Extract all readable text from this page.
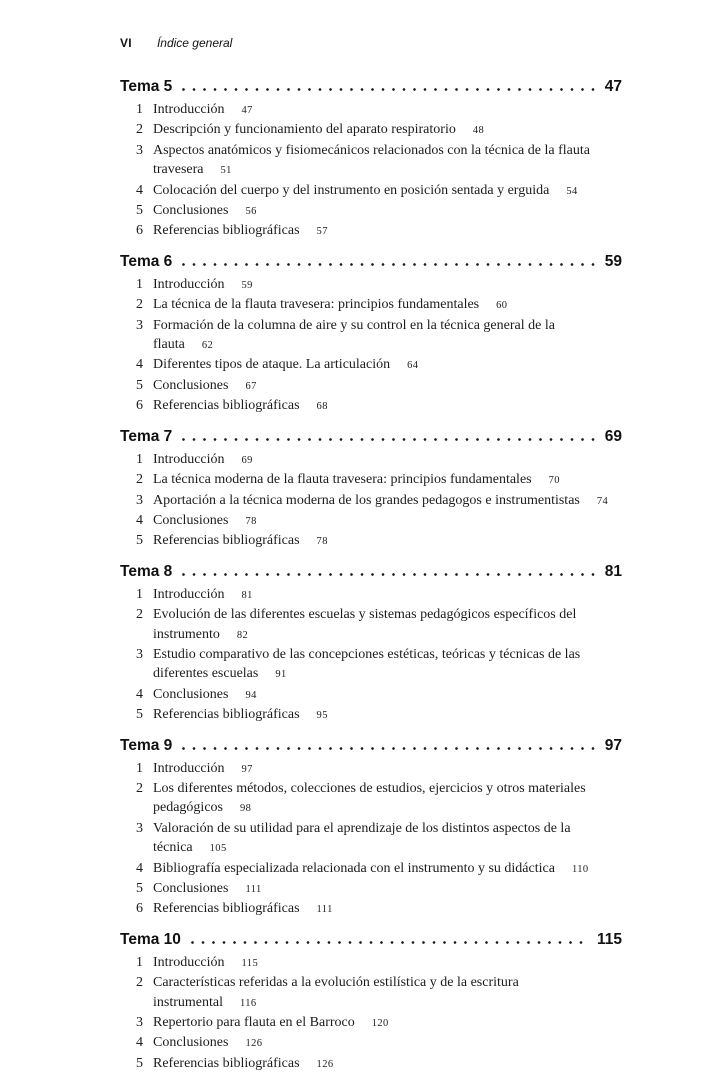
VI Índice general
Tema 5	47
1 Introducción 47
2 Descripción y funcionamiento del aparato respiratorio 48
3 Aspectos anatómicos y fisiomecánicos relacionados con la técnica de la flauta travesera 51
4 Colocación del cuerpo y del instrumento en posición sentada y erguida 54
5 Conclusiones 56
6 Referencias bibliográficas 57
Tema 6	59
1 Introducción 59
2 La técnica de la flauta travesera: principios fundamentales 60
3 Formación de la columna de aire y su control en la técnica general de la flauta 62
4 Diferentes tipos de ataque. La articulación 64
5 Conclusiones 67
6 Referencias bibliográficas 68
Tema 7	69
1 Introducción 69
2 La técnica moderna de la flauta travesera: principios fundamentales 70
3 Aportación a la técnica moderna de los grandes pedagogos e instrumentistas 74
4 Conclusiones 78
5 Referencias bibliográficas 78
Tema 8	81
1 Introducción 81
2 Evolución de las diferentes escuelas y sistemas pedagógicos específicos del instrumento 82
3 Estudio comparativo de las concepciones estéticas, teóricas y técnicas de las diferentes escuelas 91
4 Conclusiones 94
5 Referencias bibliográficas 95
Tema 9	97
1 Introducción 97
2 Los diferentes métodos, colecciones de estudios, ejercicios y otros materiales pedagógicos 98
3 Valoración de su utilidad para el aprendizaje de los distintos aspectos de la técnica 105
4 Bibliografía especializada relacionada con el instrumento y su didáctica 110
5 Conclusiones 111
6 Referencias bibliográficas 111
Tema 10	115
1 Introducción 115
2 Características referidas a la evolución estilística y de la escritura instrumental 116
3 Repertorio para flauta en el Barroco 120
4 Conclusiones 126
5 Referencias bibliográficas 126
